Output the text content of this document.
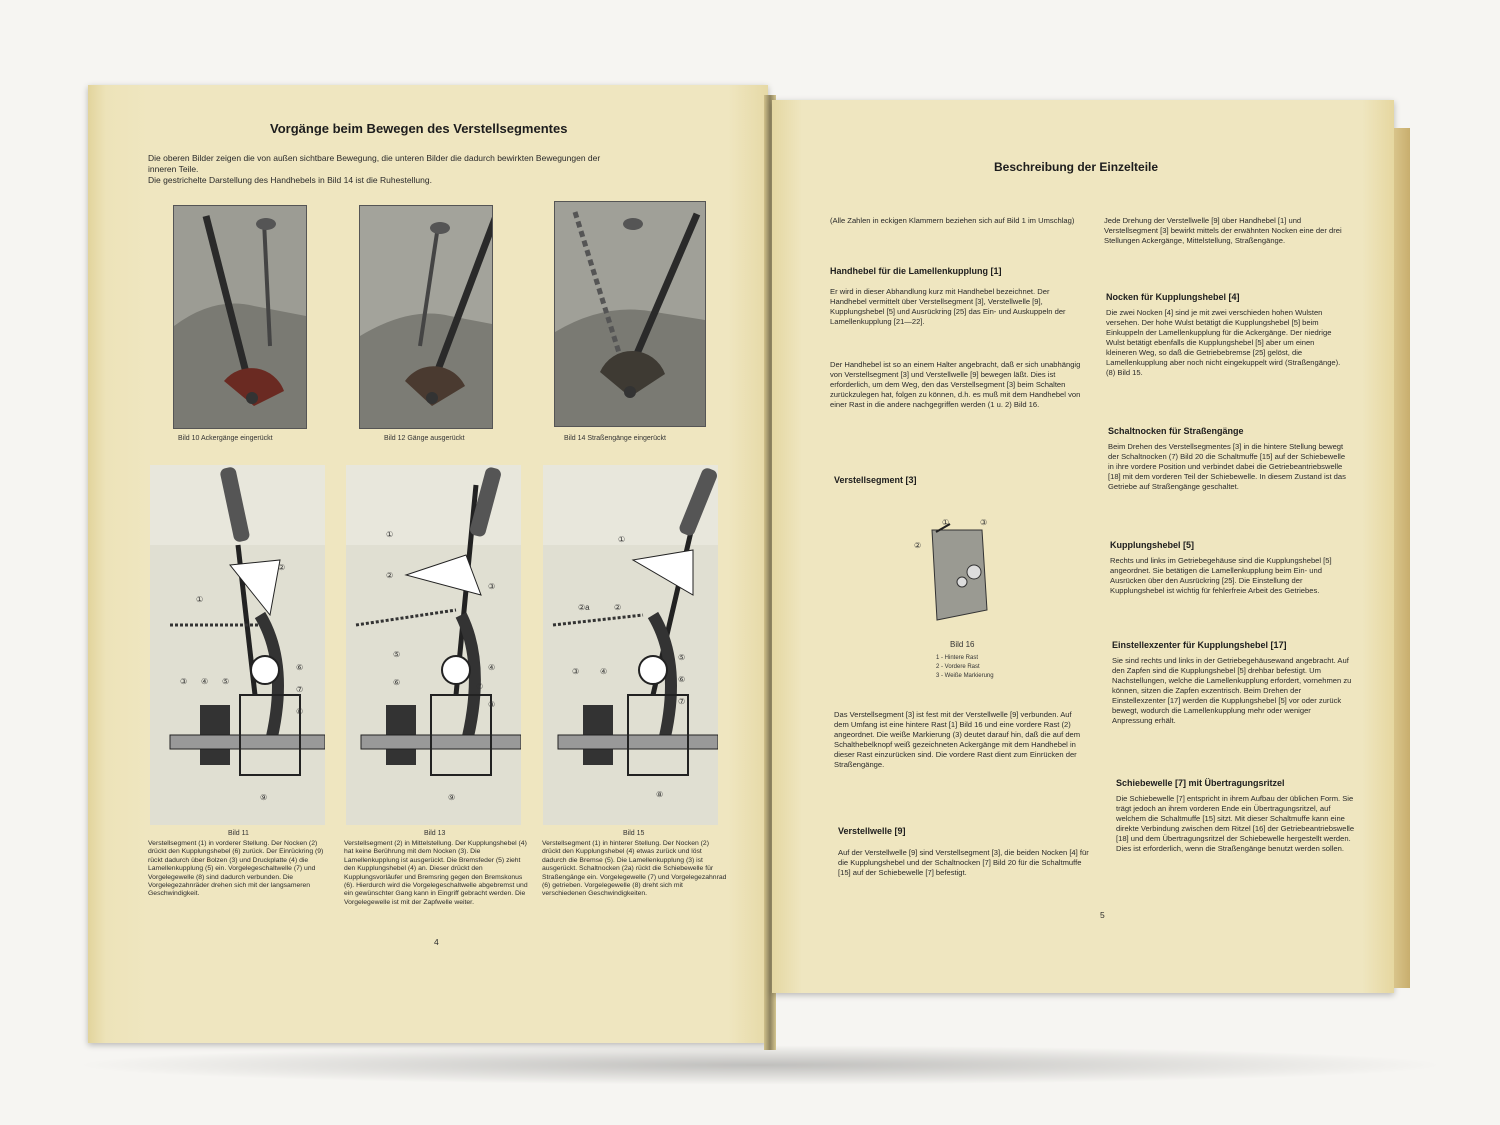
Vorgänge beim Bewegen des Verstellsegmentes
Die oberen Bilder zeigen die von außen sichtbare Bewegung, die unteren Bilder die dadurch bewirkten Bewegungen der
inneren Teile.
Die gestrichelte Darstellung des Handhebels in Bild 14 ist die Ruhestellung.
Bild 10 Ackergänge eingerückt	Bild 12 Gänge ausgerückt	Bild 14 Straßengänge eingerückt
①
②
③ ④ ⑤
⑥
⑦
⑧
⑨
①
②
③
④
⑤
⑥	⑦
⑧
⑨
①
②a	②
③	④
⑤
⑥
⑦
⑧
Bild 11	Bild 13	Bild 15
Verstellsegment (1) in vorderer Stellung. Der Nocken (2) drückt den Kupplungshebel (6) zurück. Der Einrückring (9) rückt dadurch über Bolzen (3) und Druckplatte (4) die Lamellenkupplung (5) ein. Vorgelegeschaltwelle (7) und Vorgelegewelle (8) sind dadurch verbunden. Die Vorgelegezahnräder drehen sich mit der langsameren Geschwindigkeit.
Verstellsegment (2) in Mittelstellung. Der Kupplungshebel (4) hat keine Berührung mit dem Nocken (3). Die Lamellenkupplung ist ausgerückt. Die Bremsfeder (5) zieht den Kupplungshebel (4) an. Dieser drückt den Kupplungsvorläufer und Bremsring gegen den Bremskonus (6). Hierdurch wird die Vorgelegeschaltwelle abgebremst und ein gewünschter Gang kann in Eingriff gebracht werden. Die Vorgelegewelle ist mit der Zapfwelle weiter.
Verstellsegment (1) in hinterer Stellung. Der Nocken (2) drückt den Kupplungshebel (4) etwas zurück und löst dadurch die Bremse (5). Die Lamellenkupplung (3) ist ausgerückt. Schaltnocken (2a) rückt die Schiebewelle für Straßengänge ein. Vorgelegewelle (7) und Vorgelegezahnrad (6) getrieben. Vorgelegewelle (8) dreht sich mit verschiedenen Geschwindigkeiten.
4
Beschreibung der Einzelteile
(Alle Zahlen in eckigen Klammern beziehen sich auf Bild 1 im Umschlag)
Handhebel für die Lamellenkupplung [1]
Er wird in dieser Abhandlung kurz mit Handhebel bezeichnet. Der Handhebel vermittelt über Verstellsegment [3], Verstellwelle [9], Kupplungshebel [5] und Ausrückring [25] das Ein- und Auskuppeln der Lamellenkupplung [21—22].
Der Handhebel ist so an einem Halter angebracht, daß er sich unabhängig von Verstellsegment [3] und Verstellwelle [9] bewegen läßt. Dies ist erforderlich, um dem Weg, den das Verstellsegment [3] beim Schalten zurückzulegen hat, folgen zu können, d.h. es muß mit dem Handhebel von einer Rast in die andere nachgegriffen werden (1 u. 2) Bild 16.
Verstellsegment [3]
①
②
③
Bild 16
1 - Hintere Rast
2 - Vordere Rast
3 - Weiße Markierung
Das Verstellsegment [3] ist fest mit der Verstellwelle [9] verbunden. Auf dem Umfang ist eine hintere Rast [1] Bild 16 und eine vordere Rast (2) angeordnet. Die weiße Markierung (3) deutet darauf hin, daß die auf dem Schalthebelknopf weiß gezeichneten Ackergänge mit dem Handhebel in dieser Rast einzurücken sind. Die vordere Rast dient zum Einrücken der Straßengänge.
Verstellwelle [9]
Auf der Verstellwelle [9] sind Verstellsegment [3], die beiden Nocken [4] für die Kupplungshebel und der Schaltnocken [7] Bild 20 für die Schaltmuffe [15] auf der Schiebewelle [7] befestigt.
Jede Drehung der Verstellwelle [9] über Handhebel [1] und Verstellsegment [3] bewirkt mittels der erwähnten Nocken eine der drei Stellungen Ackergänge, Mittelstellung, Straßengänge.
Nocken für Kupplungshebel [4]
Die zwei Nocken [4] sind je mit zwei verschieden hohen Wulsten versehen. Der hohe Wulst betätigt die Kupplungshebel [5] beim Einkuppeln der Lamellenkupplung für die Ackergänge. Der niedrige Wulst betätigt ebenfalls die Kupplungshebel [5] aber um einen kleineren Weg, so daß die Getriebebremse [25] gelöst, die Lamellenkupplung aber noch nicht eingekuppelt wird (Straßengänge). (8) Bild 15.
Schaltnocken für Straßengänge
Beim Drehen des Verstellsegmentes [3] in die hintere Stellung bewegt der Schaltnocken (7) Bild 20 die Schaltmuffe [15] auf der Schiebewelle in ihre vordere Position und verbindet dabei die Getriebeantriebswelle [18] mit dem vorderen Teil der Schiebewelle. In diesem Zustand ist das Getriebe auf Straßengänge geschaltet.
Kupplungshebel [5]
Rechts und links im Getriebegehäuse sind die Kupplungshebel [5] angeordnet. Sie betätigen die Lamellenkupplung beim Ein- und Ausrücken über den Ausrückring [25]. Die Einstellung der Kupplungshebel ist wichtig für fehlerfreie Arbeit des Getriebes.
Einstellexzenter für Kupplungshebel [17]
Sie sind rechts und links in der Getriebegehäusewand angebracht. Auf den Zapfen sind die Kupplungshebel [5] drehbar befestigt. Um Nachstellungen, welche die Lamellenkupplung erfordert, vornehmen zu können, sitzen die Zapfen exzentrisch. Beim Drehen der Einstellexzenter [17] werden die Kupplungshebel [5] vor oder zurück bewegt, wodurch die Lamellenkupplung mehr oder weniger Anpressung erhält.
Schiebewelle [7] mit Übertragungsritzel
Die Schiebewelle [7] entspricht in ihrem Aufbau der üblichen Form. Sie trägt jedoch an ihrem vorderen Ende ein Übertragungsritzel, auf welchem die Schaltmuffe [15] sitzt. Mit dieser Schaltmuffe kann eine direkte Verbindung zwischen dem Ritzel [16] der Getriebeantriebswelle [18] und dem Übertragungsritzel der Schiebewelle hergestellt werden. Dies ist erforderlich, wenn die Straßengänge benutzt werden sollen.
5
